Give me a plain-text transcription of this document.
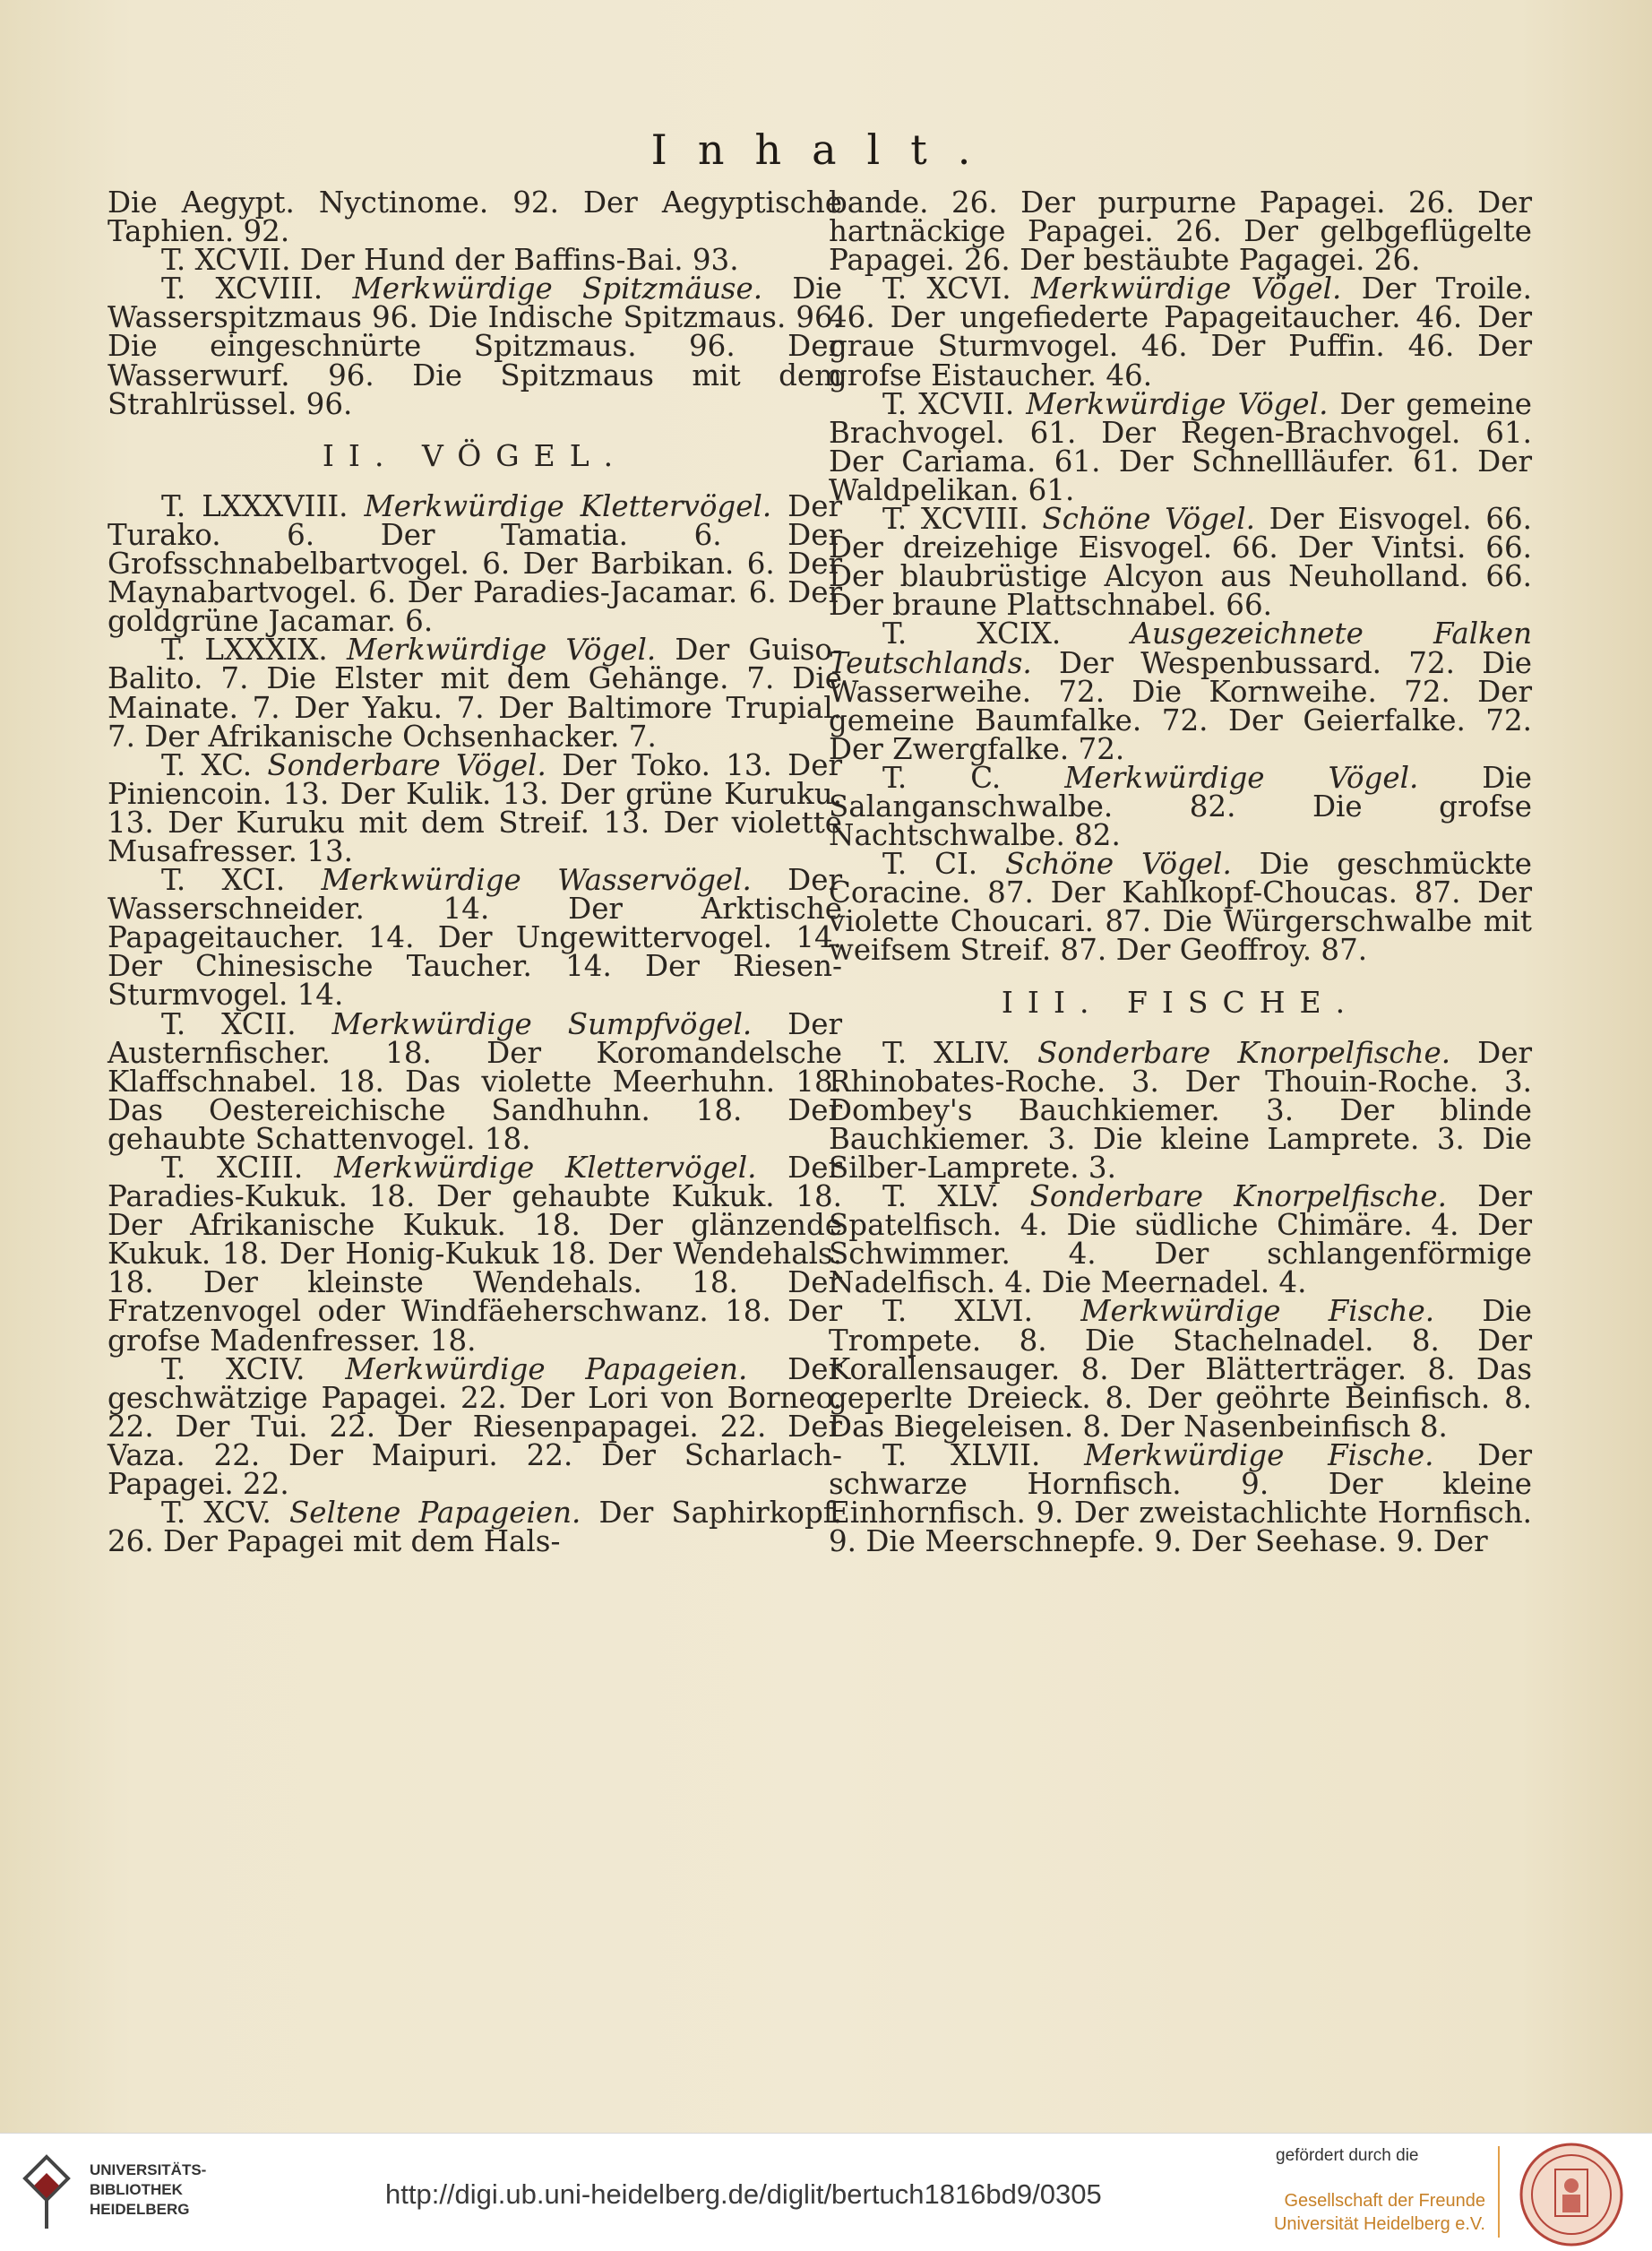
Inhalt.

Die Aegypt. Nyctinome. 92. Der Aegyptische Taphien. 92.

T. XCVII. Der Hund der Baffins-Bai. 93.

T. XCVIII. Merkwürdige Spitzmäuse. Die Wasserspitzmaus 96. Die Indische Spitzmaus. 96. Die eingeschnürte Spitzmaus. 96. Der Wasserwurf. 96. Die Spitzmaus mit dem Strahlrüssel. 96.

II. VÖGEL.

T. LXXXVIII. Merkwürdige Klettervögel. Der Turako. 6. Der Tamatia. 6. Der Grofsschnabelbartvogel. 6. Der Barbikan. 6. Der Maynabartvogel. 6. Der Paradies-Jacamar. 6. Der goldgrüne Jacamar. 6.

T. LXXXIX. Merkwürdige Vögel. Der Guiso-Balito. 7. Die Elster mit dem Gehänge. 7. Die Mainate. 7. Der Yaku. 7. Der Baltimore Trupial. 7. Der Afrikanische Ochsenhacker. 7.

T. XC. Sonderbare Vögel. Der Toko. 13. Der Piniencoin. 13. Der Kulik. 13. Der grüne Kuruku. 13. Der Kuruku mit dem Streif. 13. Der violette Musafresser. 13.

T. XCI. Merkwürdige Wasservögel. Der Wasserschneider. 14. Der Arktische Papageitaucher. 14. Der Ungewittervogel. 14. Der Chinesische Taucher. 14. Der Riesen-Sturmvogel. 14.

T. XCII. Merkwürdige Sumpfvögel. Der Austernfischer. 18. Der Koromandelsche Klaffschnabel. 18. Das violette Meerhuhn. 18. Das Oestereichische Sandhuhn. 18. Der gehaubte Schattenvogel. 18.

T. XCIII. Merkwürdige Klettervögel. Der Paradies-Kukuk. 18. Der gehaubte Kukuk. 18. Der Afrikanische Kukuk. 18. Der glänzende Kukuk. 18. Der Honig-Kukuk 18. Der Wendehals. 18. Der kleinste Wendehals. 18. Der Fratzenvogel oder Windfäeherschwanz. 18. Der grofse Madenfresser. 18.

T. XCIV. Merkwürdige Papageien. Der geschwätzige Papagei. 22. Der Lori von Borneo. 22. Der Tui. 22. Der Riesenpapagei. 22. Der Vaza. 22. Der Maipuri. 22. Der Scharlach-Papagei. 22.

T. XCV. Seltene Papageien. Der Saphirkopf. 26. Der Papagei mit dem Hals-

bande. 26. Der purpurne Papagei. 26. Der hartnäckige Papagei. 26. Der gelbgeflügelte Papagei. 26. Der bestäubte Pagagei. 26.

T. XCVI. Merkwürdige Vögel. Der Troile. 46. Der ungefiederte Papageitaucher. 46. Der graue Sturmvogel. 46. Der Puffin. 46. Der grofse Eistaucher. 46.

T. XCVII. Merkwürdige Vögel. Der gemeine Brachvogel. 61. Der Regen-Brachvogel. 61. Der Cariama. 61. Der Schnellläufer. 61. Der Waldpelikan. 61.

T. XCVIII. Schöne Vögel. Der Eisvogel. 66. Der dreizehige Eisvogel. 66. Der Vintsi. 66. Der blaubrüstige Alcyon aus Neuholland. 66. Der braune Plattschnabel. 66.

T. XCIX. Ausgezeichnete Falken Teutschlands. Der Wespenbussard. 72. Die Wasserweihe. 72. Die Kornweihe. 72. Der gemeine Baumfalke. 72. Der Geierfalke. 72. Der Zwergfalke. 72.

T. C. Merkwürdige Vögel. Die Salanganschwalbe. 82. Die grofse Nachtschwalbe. 82.

T. CI. Schöne Vögel. Die geschmückte Coracine. 87. Der Kahlkopf-Choucas. 87. Der violette Choucari. 87. Die Würgerschwalbe mit weifsem Streif. 87. Der Geoffroy. 87.

III. FISCHE.

T. XLIV. Sonderbare Knorpelfische. Der Rhinobates-Roche. 3. Der Thouin-Roche. 3. Dombey's Bauchkiemer. 3. Der blinde Bauchkiemer. 3. Die kleine Lamprete. 3. Die Silber-Lamprete. 3.

T. XLV. Sonderbare Knorpelfische. Der Spatelfisch. 4. Die südliche Chimäre. 4. Der Schwimmer. 4. Der schlangenförmige Nadelfisch. 4. Die Meernadel. 4.

T. XLVI. Merkwürdige Fische. Die Trompete. 8. Die Stachelnadel. 8. Der Korallensauger. 8. Der Blätterträger. 8. Das geperlte Dreieck. 8. Der geöhrte Beinfisch. 8. Das Biegeleisen. 8. Der Nasenbeinfisch 8.

T. XLVII. Merkwürdige Fische. Der schwarze Hornfisch. 9. Der kleine Einhornfisch. 9. Der zweistachlichte Hornfisch. 9. Die Meerschnepfe. 9. Der Seehase. 9. Der

UNIVERSITÄTS-
BIBLIOTHEK
HEIDELBERG	http://digi.ub.uni-heidelberg.de/diglit/bertuch1816bd9/0305
gefördert durch die
Gesellschaft der Freunde
Universität Heidelberg e.V.
